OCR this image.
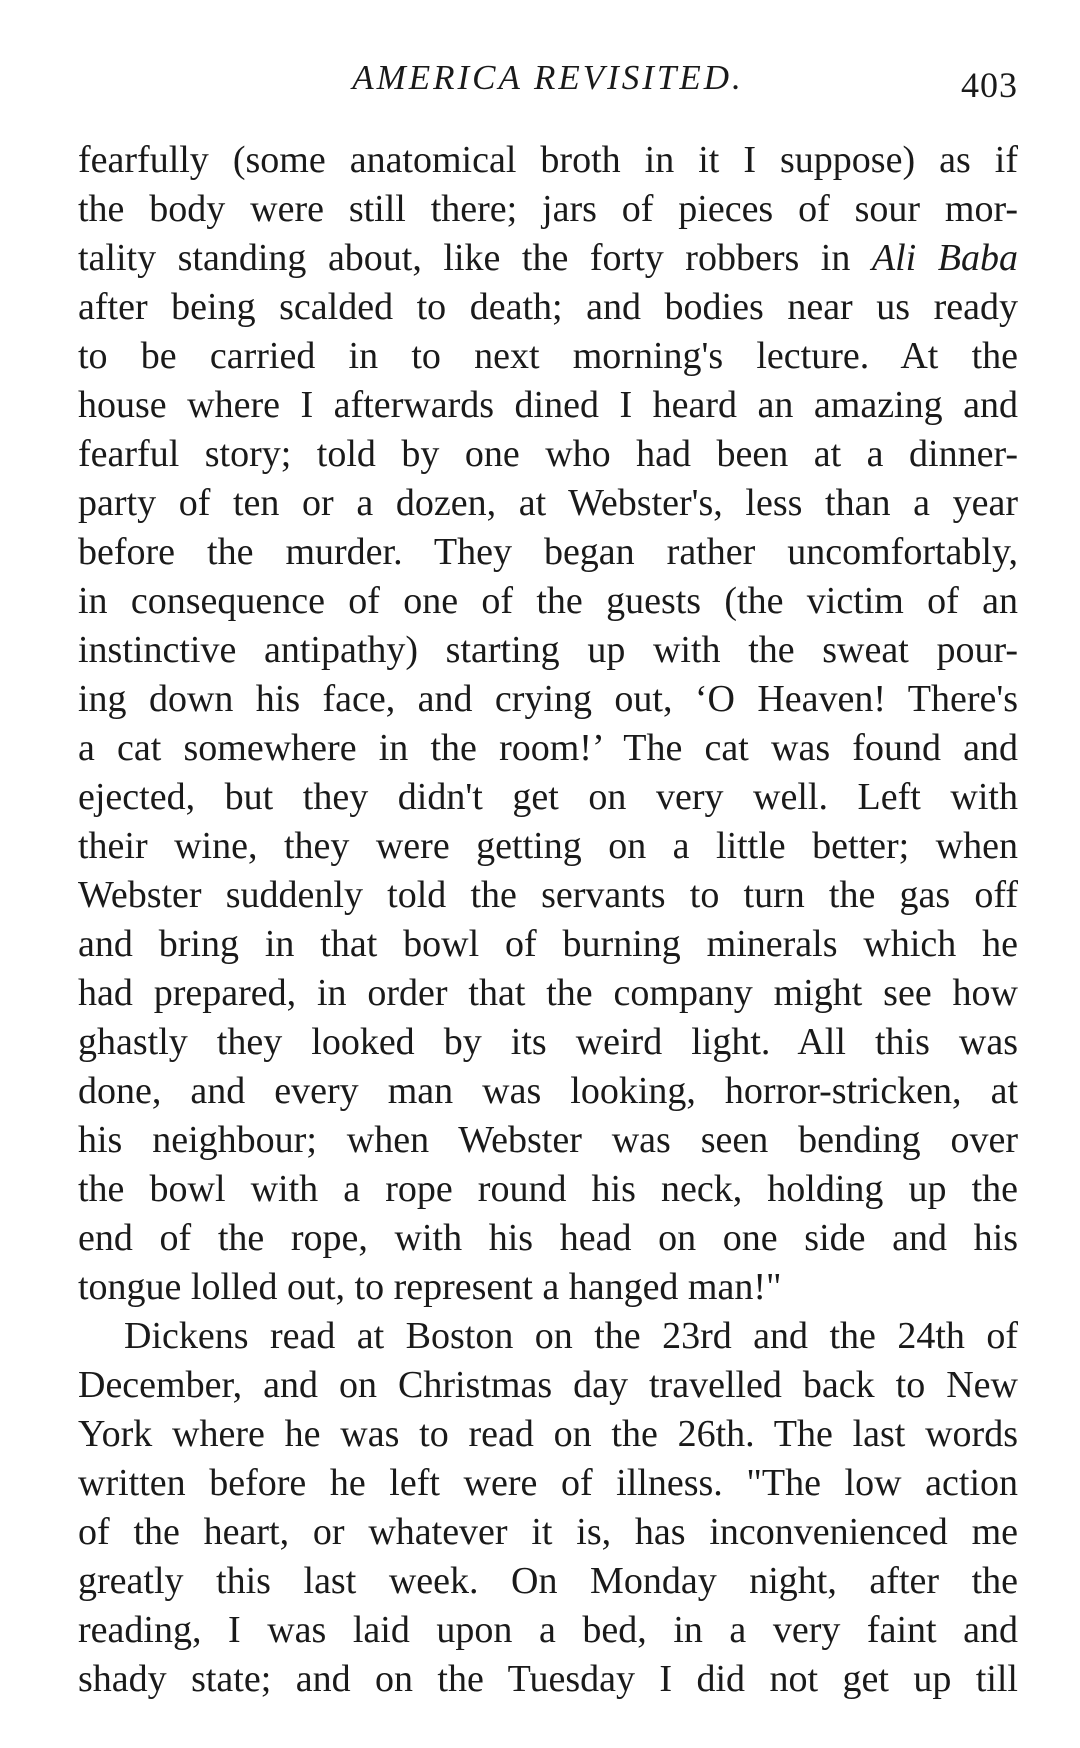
AMERICA REVISITED.	403
fearfully (some anatomical broth in it I suppose) as if
the body were still there; jars of pieces of sour mor-
tality standing about, like the forty robbers in Ali Baba
after being scalded to death; and bodies near us ready
to be carried in to next morning's lecture. At the
house where I afterwards dined I heard an amazing and
fearful story; told by one who had been at a dinner-
party of ten or a dozen, at Webster's, less than a year
before the murder. They began rather uncomfortably,
in consequence of one of the guests (the victim of an
instinctive antipathy) starting up with the sweat pour-
ing down his face, and crying out, ‘O Heaven! There's
a cat somewhere in the room!’ The cat was found and
ejected, but they didn't get on very well. Left with
their wine, they were getting on a little better; when
Webster suddenly told the servants to turn the gas off
and bring in that bowl of burning minerals which he
had prepared, in order that the company might see how
ghastly they looked by its weird light. All this was
done, and every man was looking, horror-stricken, at
his neighbour; when Webster was seen bending over
the bowl with a rope round his neck, holding up the
end of the rope, with his head on one side and his
tongue lolled out, to represent a hanged man!"
Dickens read at Boston on the 23rd and the 24th of
December, and on Christmas day travelled back to New
York where he was to read on the 26th. The last words
written before he left were of illness. "The low action
of the heart, or whatever it is, has inconvenienced me
greatly this last week. On Monday night, after the
reading, I was laid upon a bed, in a very faint and
shady state; and on the Tuesday I did not get up till
